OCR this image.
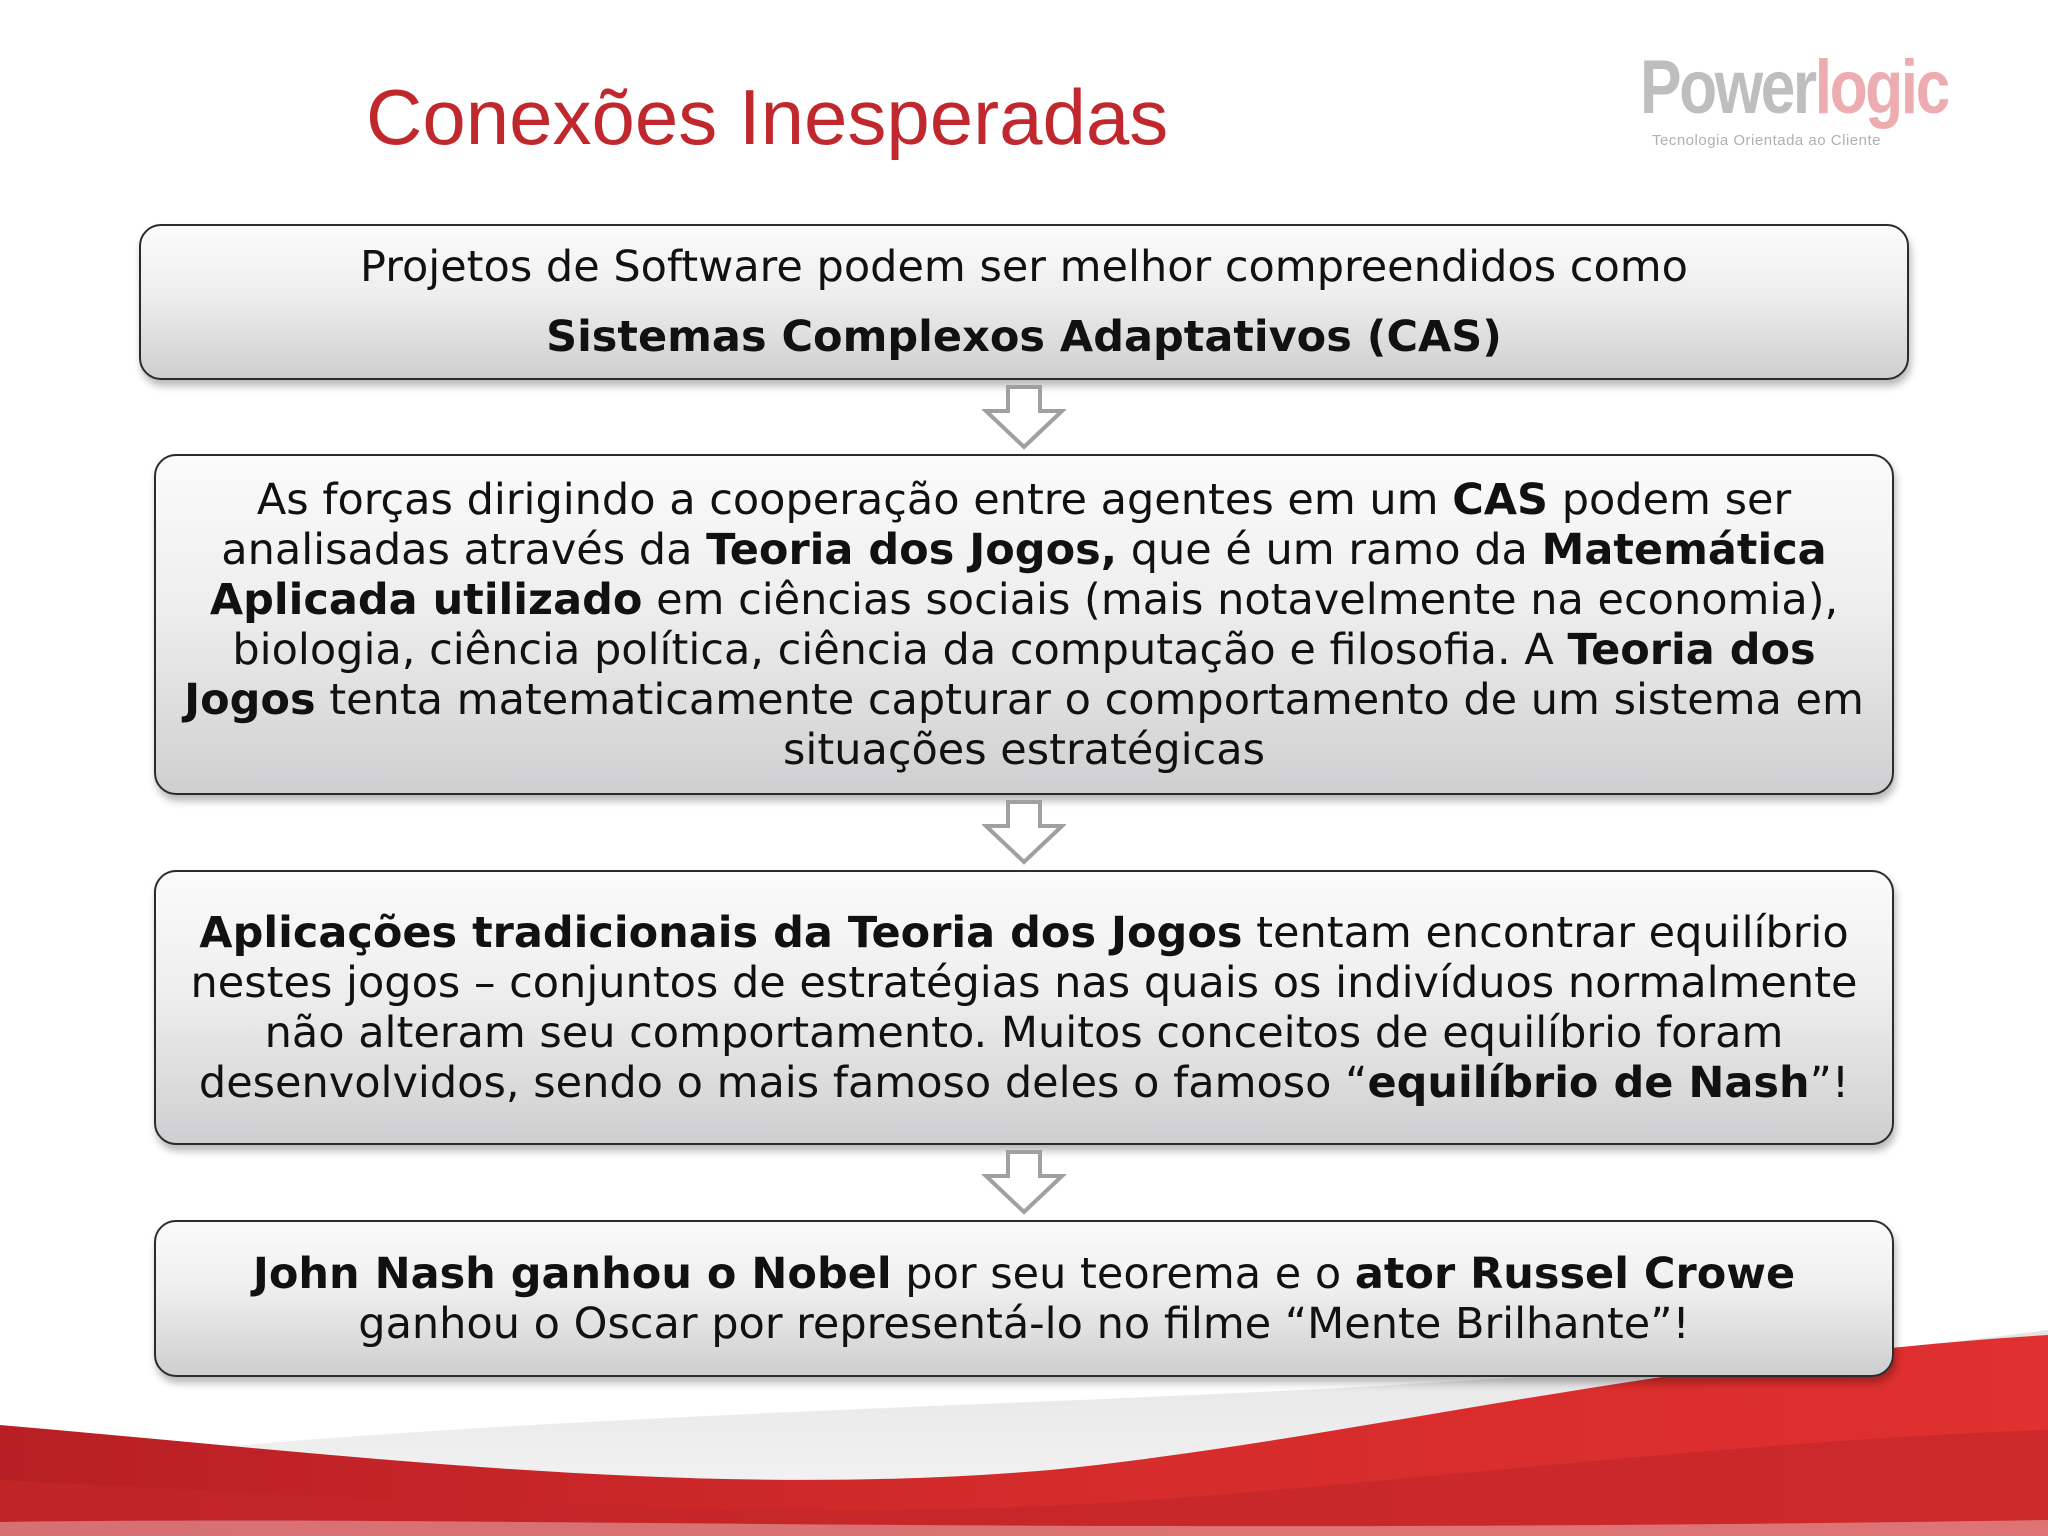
Conexões Inesperadas	Powerlogic
Tecnologia Orientada ao Cliente

Projetos de Software podem ser melhor compreendidos como

Sistemas Complexos Adaptativos (CAS)

As forças dirigindo a cooperação entre agentes em um CAS podem ser analisadas através da Teoria dos Jogos, que é um ramo da Matemática Aplicada utilizado em ciências sociais (mais notavelmente na economia), biologia, ciência política, ciência da computação e filosofia. A Teoria dos Jogos tenta matematicamente capturar o comportamento de um sistema em situações estratégicas

Aplicações tradicionais da Teoria dos Jogos tentam encontrar equilíbrio nestes jogos – conjuntos de estratégias nas quais os indivíduos normalmente não alteram seu comportamento. Muitos conceitos de equilíbrio foram desenvolvidos, sendo o mais famoso deles o famoso “equilíbrio de Nash”!

John Nash ganhou o Nobel por seu teorema e o ator Russel Crowe ganhou o Oscar por representá-lo no filme “Mente Brilhante”!
